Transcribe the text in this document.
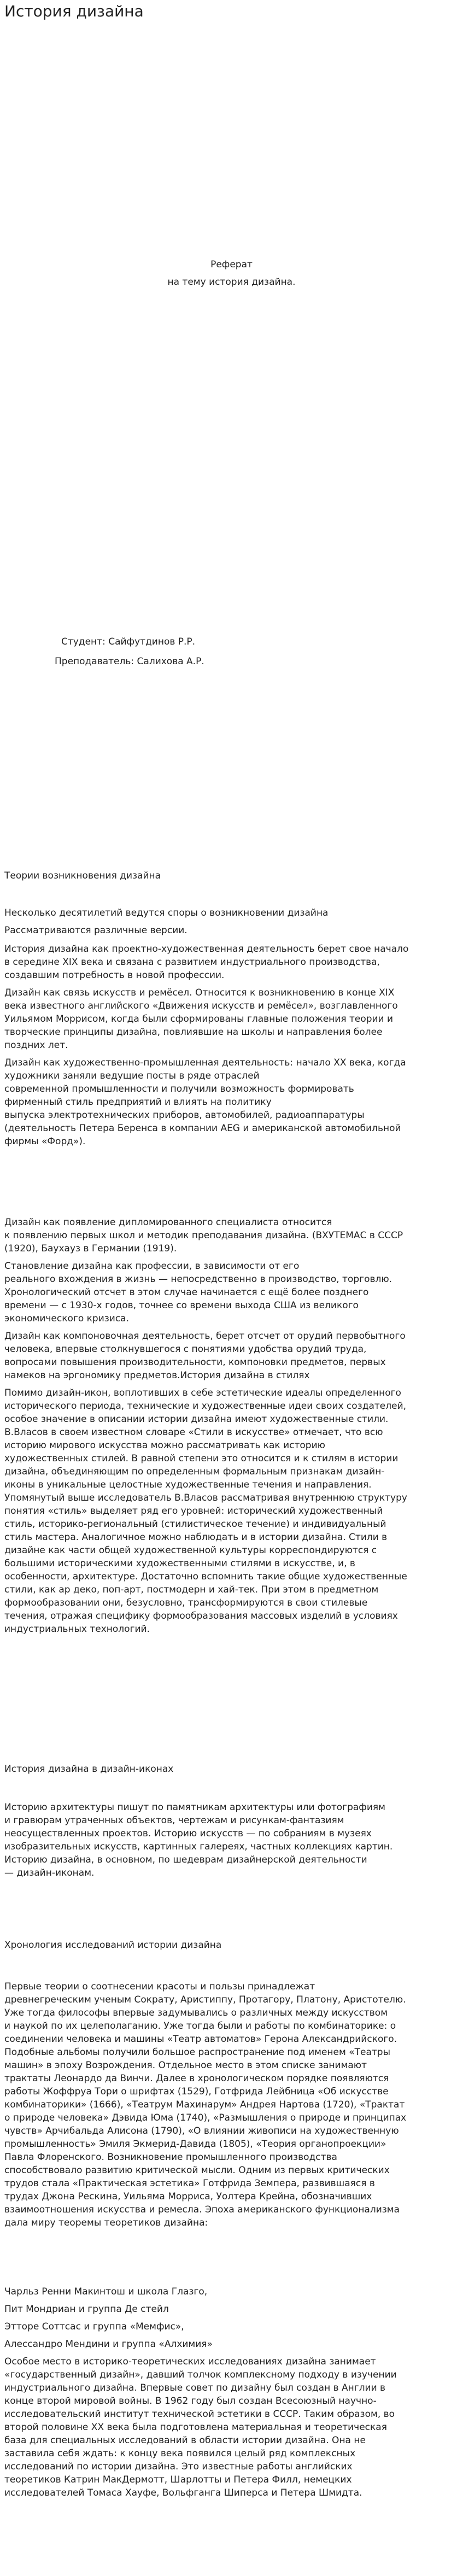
История дизайна

Реферат

на тему история дизайна.

Студент: Сайфутдинов Р.Р.

Преподаватель: Салихова А.Р.

Теории возникновения дизайна

Несколько десятилетий ведутся споры о возникновении дизайна

Рассматриваются различные версии.

История дизайна как проектно-художественная деятельность берет свое начало
в середине XIX века и связана с развитием индустриального производства,
создавшим потребность в новой профессии.

Дизайн как связь искусств и ремёсел. Относится к возникновению в конце XIX
века известного английского «Движения искусств и ремёсел», возглавленного
Уильямом Моррисом, когда были сформированы главные положения теории и
творческие принципы дизайна, повлиявшие на школы и направления более
поздних лет.

Дизайн как художественно-промышленная деятельность: начало XX века, когда
художники заняли ведущие посты в ряде отраслей
современной промышленности и получили возможность формировать
фирменный стиль предприятий и влиять на политику
выпуска электротехнических приборов, автомобилей, радиоаппаратуры
(деятельность Петера Беренса в компании AEG и американской автомобильной
фирмы «Форд»).

Дизайн как появление дипломированного специалиста относится
к появлению первых школ и методик преподавания дизайна. (ВХУТЕМАС в СССР
(1920), Баухауз в Германии (1919).

Становление дизайна как профессии, в зависимости от его
реального вхождения в жизнь — непосредственно в производство, торговлю.
Хронологический отсчет в этом случае начинается с ещё более позднего
времени — с 1930-х годов, точнее со времени выхода США из великого
экономического кризиса.

Дизайн как компоновочная деятельность, берет отсчет от орудий первобытного
человека, впервые столкнувшегося с понятиями удобства орудий труда,
вопросами повышения производительности, компоновки предметов, первых
намеков на эргономику предметов.История дизайна в стилях

Помимо дизайн-икон, воплотивших в себе эстетические идеалы определенного
исторического периода, технические и художественные идеи своих создателей,
особое значение в описании истории дизайна имеют художественные стили.
В.Власов в своем известном словаре «Стили в искусстве» отмечает, что всю
историю мирового искусства можно рассматривать как историю
художественных стилей. В равной степени это относится и к стилям в истории
дизайна, объединяющим по определенным формальным признакам дизайн-
иконы в уникальные целостные художественные течения и направления.
Упомянутый выше исследователь В.Власов рассматривая внутреннюю структуру
понятия «стиль» выделяет ряд его уровней: исторический художественный
стиль, историко-региональный (стилистическое течение) и индивидуальный
стиль мастера. Аналогичное можно наблюдать и в истории дизайна. Стили в
дизайне как части общей художественной культуры корреспондируются с
большими историческими художественными стилями в искусстве, и, в
особенности, архитектуре. Достаточно вспомнить такие общие художественные
стили, как ар деко, поп-арт, постмодерн и хай-тек. При этом в предметном
формообразовании они, безусловно, трансформируются в свои стилевые
течения, отражая специфику формообразования массовых изделий в условиях
индустриальных технологий.

История дизайна в дизайн-иконах

Историю архитектуры пишут по памятникам архитектуры или фотографиям
и гравюрам утраченных объектов, чертежам и рисункам-фантазиям
неосуществленных проектов. Историю искусств — по собраниям в музеях
изобразительных искусств, картинных галереях, частных коллекциях картин.
Историю дизайна, в основном, по шедеврам дизайнерской деятельности
— дизайн-иконам.

Хронология исследований истории дизайна

Первые теории о соотнесении красоты и пользы принадлежат
древнегреческим ученым Сократу, Аристиппу, Протагору, Платону, Аристотелю.
Уже тогда философы впервые задумывались о различных между искусством
и наукой по их целеполаганию. Уже тогда были и работы по комбинаторике: о
соединении человека и машины «Театр автоматов» Герона Александрийского.
Подобные альбомы получили большое распространение под именем «Театры
машин» в эпоху Возрождения. Отдельное место в этом списке занимают
трактаты Леонардо да Винчи. Далее в хронологическом порядке появляются
работы Жоффруа Тори о шрифтах (1529), Готфрида Лейбница «Об искусстве
комбинаторики» (1666), «Театрум Махинарум» Андрея Нартова (1720), «Трактат
о природе человека» Дэвида Юма (1740), «Размышления о природе и принципах
чувств» Арчибальда Алисона (1790), «О влиянии живописи на художественную
промышленность» Эмиля Экмерид-Давида (1805), «Теория органопроекции»
Павла Флоренского. Возникновение промышленного производства
способствовало развитию критической мысли. Одним из первых критических
трудов стала «Практическая эстетика» Готфрида Земпера, развившаяся в
трудах Джона Рескина, Уильяма Морриса, Уолтера Крейна, обозначивших
взаимоотношения искусства и ремесла. Эпоха американского функционализма
дала миру теоремы теоретиков дизайна:

Чарльз Ренни Макинтош и школа Глазго,

Пит Мондриан и группа Де стейл

Этторе Соттсас и группа «Мемфис»,

Алессандро Мендини и группа «Алхимия»

Особое место в историко-теоретических исследованиях дизайна занимает
«государственный дизайн», давший толчок комплексному подходу в изучении
индустриального дизайна. Впервые совет по дизайну был создан в Англии в
конце второй мировой войны. В 1962 году был создан Всесоюзный научно-
исследовательский институт технической эстетики в СССР. Таким образом, во
второй половине XX века была подготовлена материальная и теоретическая
база для специальных исследований в области истории дизайна. Она не
заставила себя ждать: к концу века появился целый ряд комплексных
исследований по истории дизайна. Это известные работы английских
теоретиков Катрин МакДермотт, Шарлотты и Петера Филл, немецких
исследователей Томаса Хауфе, Вольфганга Шиперса и Петера Шмидта.
